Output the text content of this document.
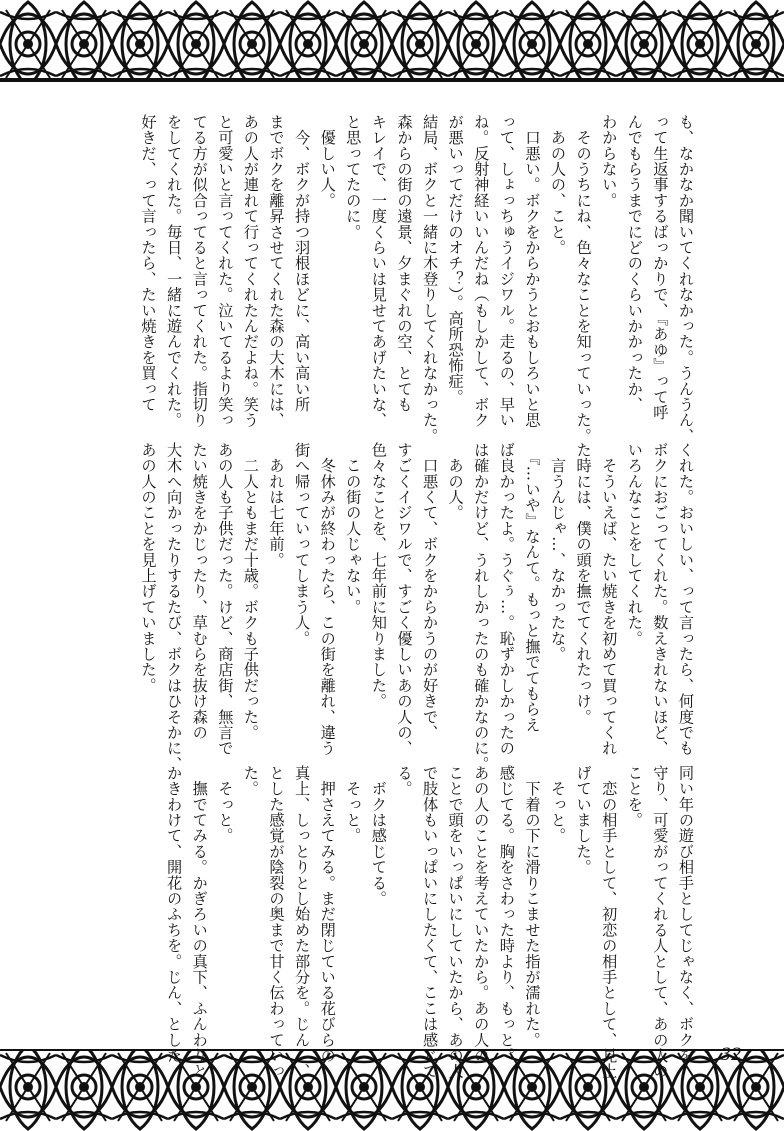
も、なかなか聞いてくれなかった。うんうん、
って生返事するばっかりで、『あゆ』って呼
んでもらうまでにどのくらいかかったか、
わからない。
　そのうちにね、色々なことを知っていった。
　あの人の、こと。
　口悪い。ボクをからかうとおもしろいと思
って、しょっちゅうイジワル。走るの、早い
ね。反射神経いいんだね（もしかして、ボク
が悪いってだけのオチ？）。高所恐怖症。
結局、ボクと一緒に木登りしてくれなかった。
森からの街の遠景、夕まぐれの空、とても
キレイで、一度くらいは見せてあげたいな、
と思ってたのに。
　優しい人。
　今、ボクが持つ羽根ほどに、高い高い所
までボクを離昇させてくれた森の大木には、
あの人が連れて行ってくれたんだよね。笑う
と可愛いと言ってくれた。泣いてるより笑っ
てる方が似合ってると言ってくれた。指切り
をしてくれた。毎日、一緒に遊んでくれた。
好きだ、って言ったら、たい焼きを買って
くれた。おいしい、って言ったら、何度でも
ボクにおごってくれた。数えきれないほど、
いろんなことをしてくれた。
　そういえば、たい焼きを初めて買ってくれ
た時には、僕の頭を撫でてくれたっけ。
　言うんじゃ…、なかったな。
　『…いや』なんて。もっと撫でてもらえ
ば良かったよ。うぐぅ…。恥ずかしかったの
は確かだけど、うれしかったのも確かなのに。
　あの人。
　口悪くて、ボクをからかうのが好きで、
すごくイジワルで、すごく優しいあの人の、
色々なことを、七年前に知りました。
　この街の人じゃない。
　冬休みが終わったら、この街を離れ、違う
街へ帰っていってしまう人。
　あれは七年前。
　二人ともまだ十歳。ボクも子供だった。
あの人も子供だった。けど、商店街、無言で
たい焼きをかじったり、草むらを抜け森の
大木へ向かったりするたび、ボクはひそかに、
あの人のことを見上げていました。
同い年の遊び相手としてじゃなく、ボクを
守り、可愛がってくれる人として、あの人の
ことを。
　恋の相手として、初恋の相手として、見上
げていました。
　そっと。
　下着の下に滑りこませた指が濡れた。
感じてる。胸をさわった時より、もっと。
あの人のことを考えていたから。あの人の
ことで頭をいっぱいにしていたから、あの人
で肢体もいっぱいにしたくて、ここは感じて
る。
　ボクは感じてる。
　そっと。
　押さえてみる。まだ閉じている花びらの
真上、しっとりとし始めた部分を。じん…、
とした感覚が陰裂の奥まで甘く伝わっていっ
た。
　そっと。
　撫でてみる。かぎろいの真下、ふんわりと
かきわけて、開花のふちを。じん、とした	32
